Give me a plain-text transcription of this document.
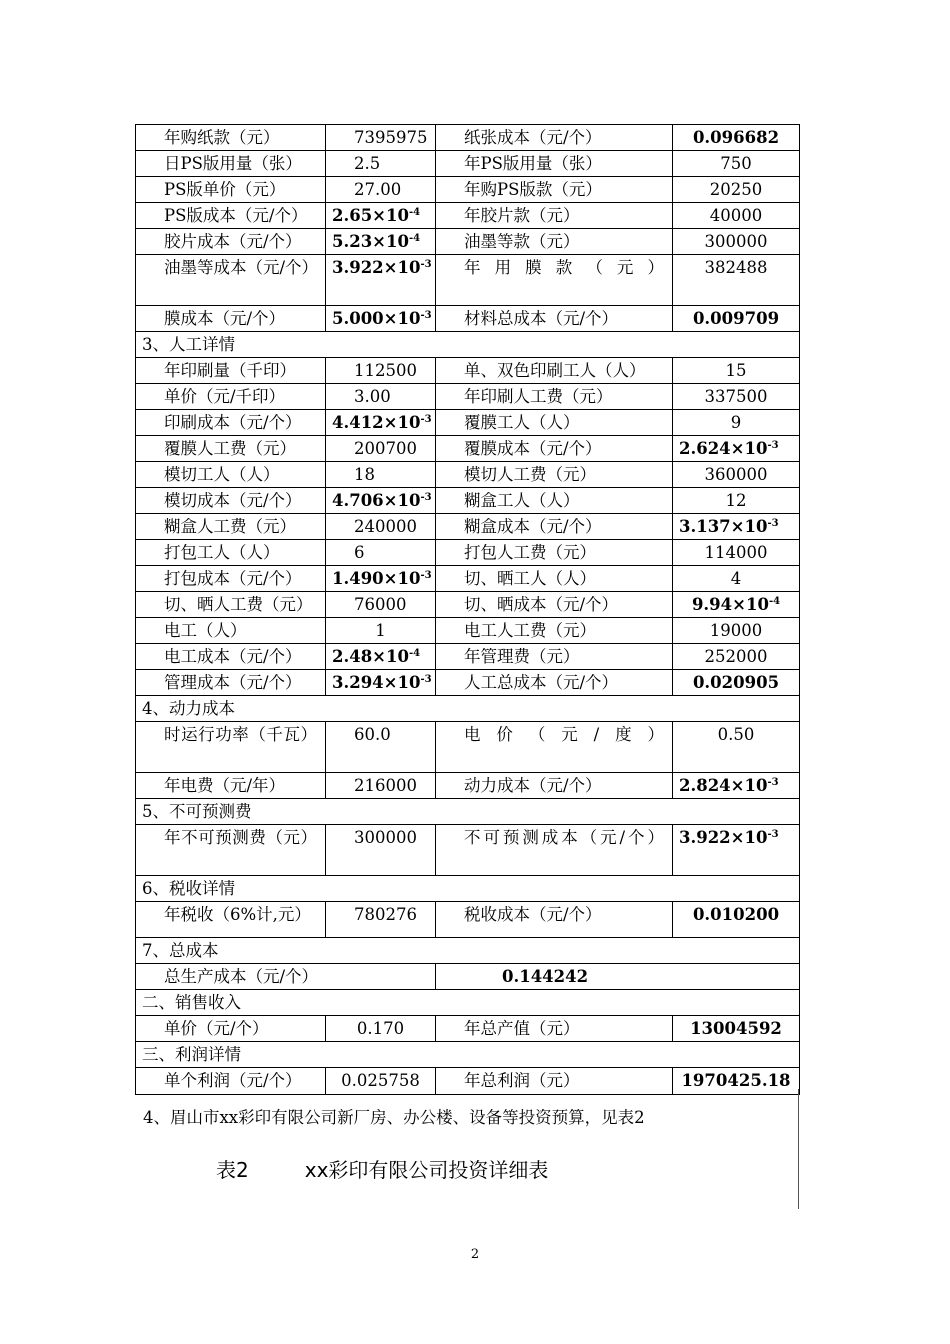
年购纸款（元）	7395975	纸张成本（元/个）	0.096682
日PS版用量（张）	2.5	年PS版用量（张）	750
PS版单价（元）	27.00	年购PS版款（元）	20250
PS版成本（元/个）	$2.65\times 10^{-4}$	年胶片款（元）	40000
胶片成本（元/个）	$5.23\times 10^{-4}$	油墨等款（元）	300000
油墨等成本（元/个）	$3.922\times 10^{-3}$	年用膜款（元）	382488
膜成本（元/个）	$5.000\times 10^{-3}$	材料总成本（元/个）	0.009709
3、人工详情			
年印刷量（千印）	112500	单、双色印刷工人（人）	15
单价（元/千印）	3.00	年印刷人工费（元）	337500
印刷成本（元/个）	$4.412\times 10^{-3}$	覆膜工人（人）	9
覆膜人工费（元）	200700	覆膜成本（元/个）	$2.624\times 10^{-3}$
模切工人（人）	18	模切人工费（元）	360000
模切成本（元/个）	$4.706\times 10^{-3}$	糊盒工人（人）	12
糊盒人工费（元）	240000	糊盒成本（元/个）	$3.137\times 10^{-3}$
打包工人（人）	6	打包人工费（元）	114000
打包成本（元/个）	$1.490\times 10^{-3}$	切、晒工人（人）	4
切、晒人工费（元）	76000	切、晒成本（元/个）	$9.94\times 10^{-4}$
电工（人）	1	电工人工费（元）	19000
电工成本（元/个）	$2.48\times 10^{-4}$	年管理费（元）	252000
管理成本（元/个）	$3.294\times 10^{-3}$	人工总成本（元/个）	0.020905
4、动力成本			
时运行功率（千瓦）	60.0	电价（元/度）	0.50
年电费（元/年）	216000	动力成本（元/个）	$2.824\times 10^{-3}$
5、不可预测费			
年不可预测费（元）	300000	不可预测成本（元/个）	$3.922\times 10^{-3}$
6、税收详情			
年税收（6%计,元）	780276	税收成本（元/个）	0.010200
7、总成本			
总生产成本（元/个）		0.144242	
二、销售收入			
单价（元/个）	0.170	年总产值（元）	13004592
三、利润详情			
单个利润（元/个）	0.025758	年总利润（元）	1970425.18
4、眉山市xx彩印有限公司新厂房、办公楼、设备等投资预算，见表2
表2	xx彩印有限公司投资详细表
2
